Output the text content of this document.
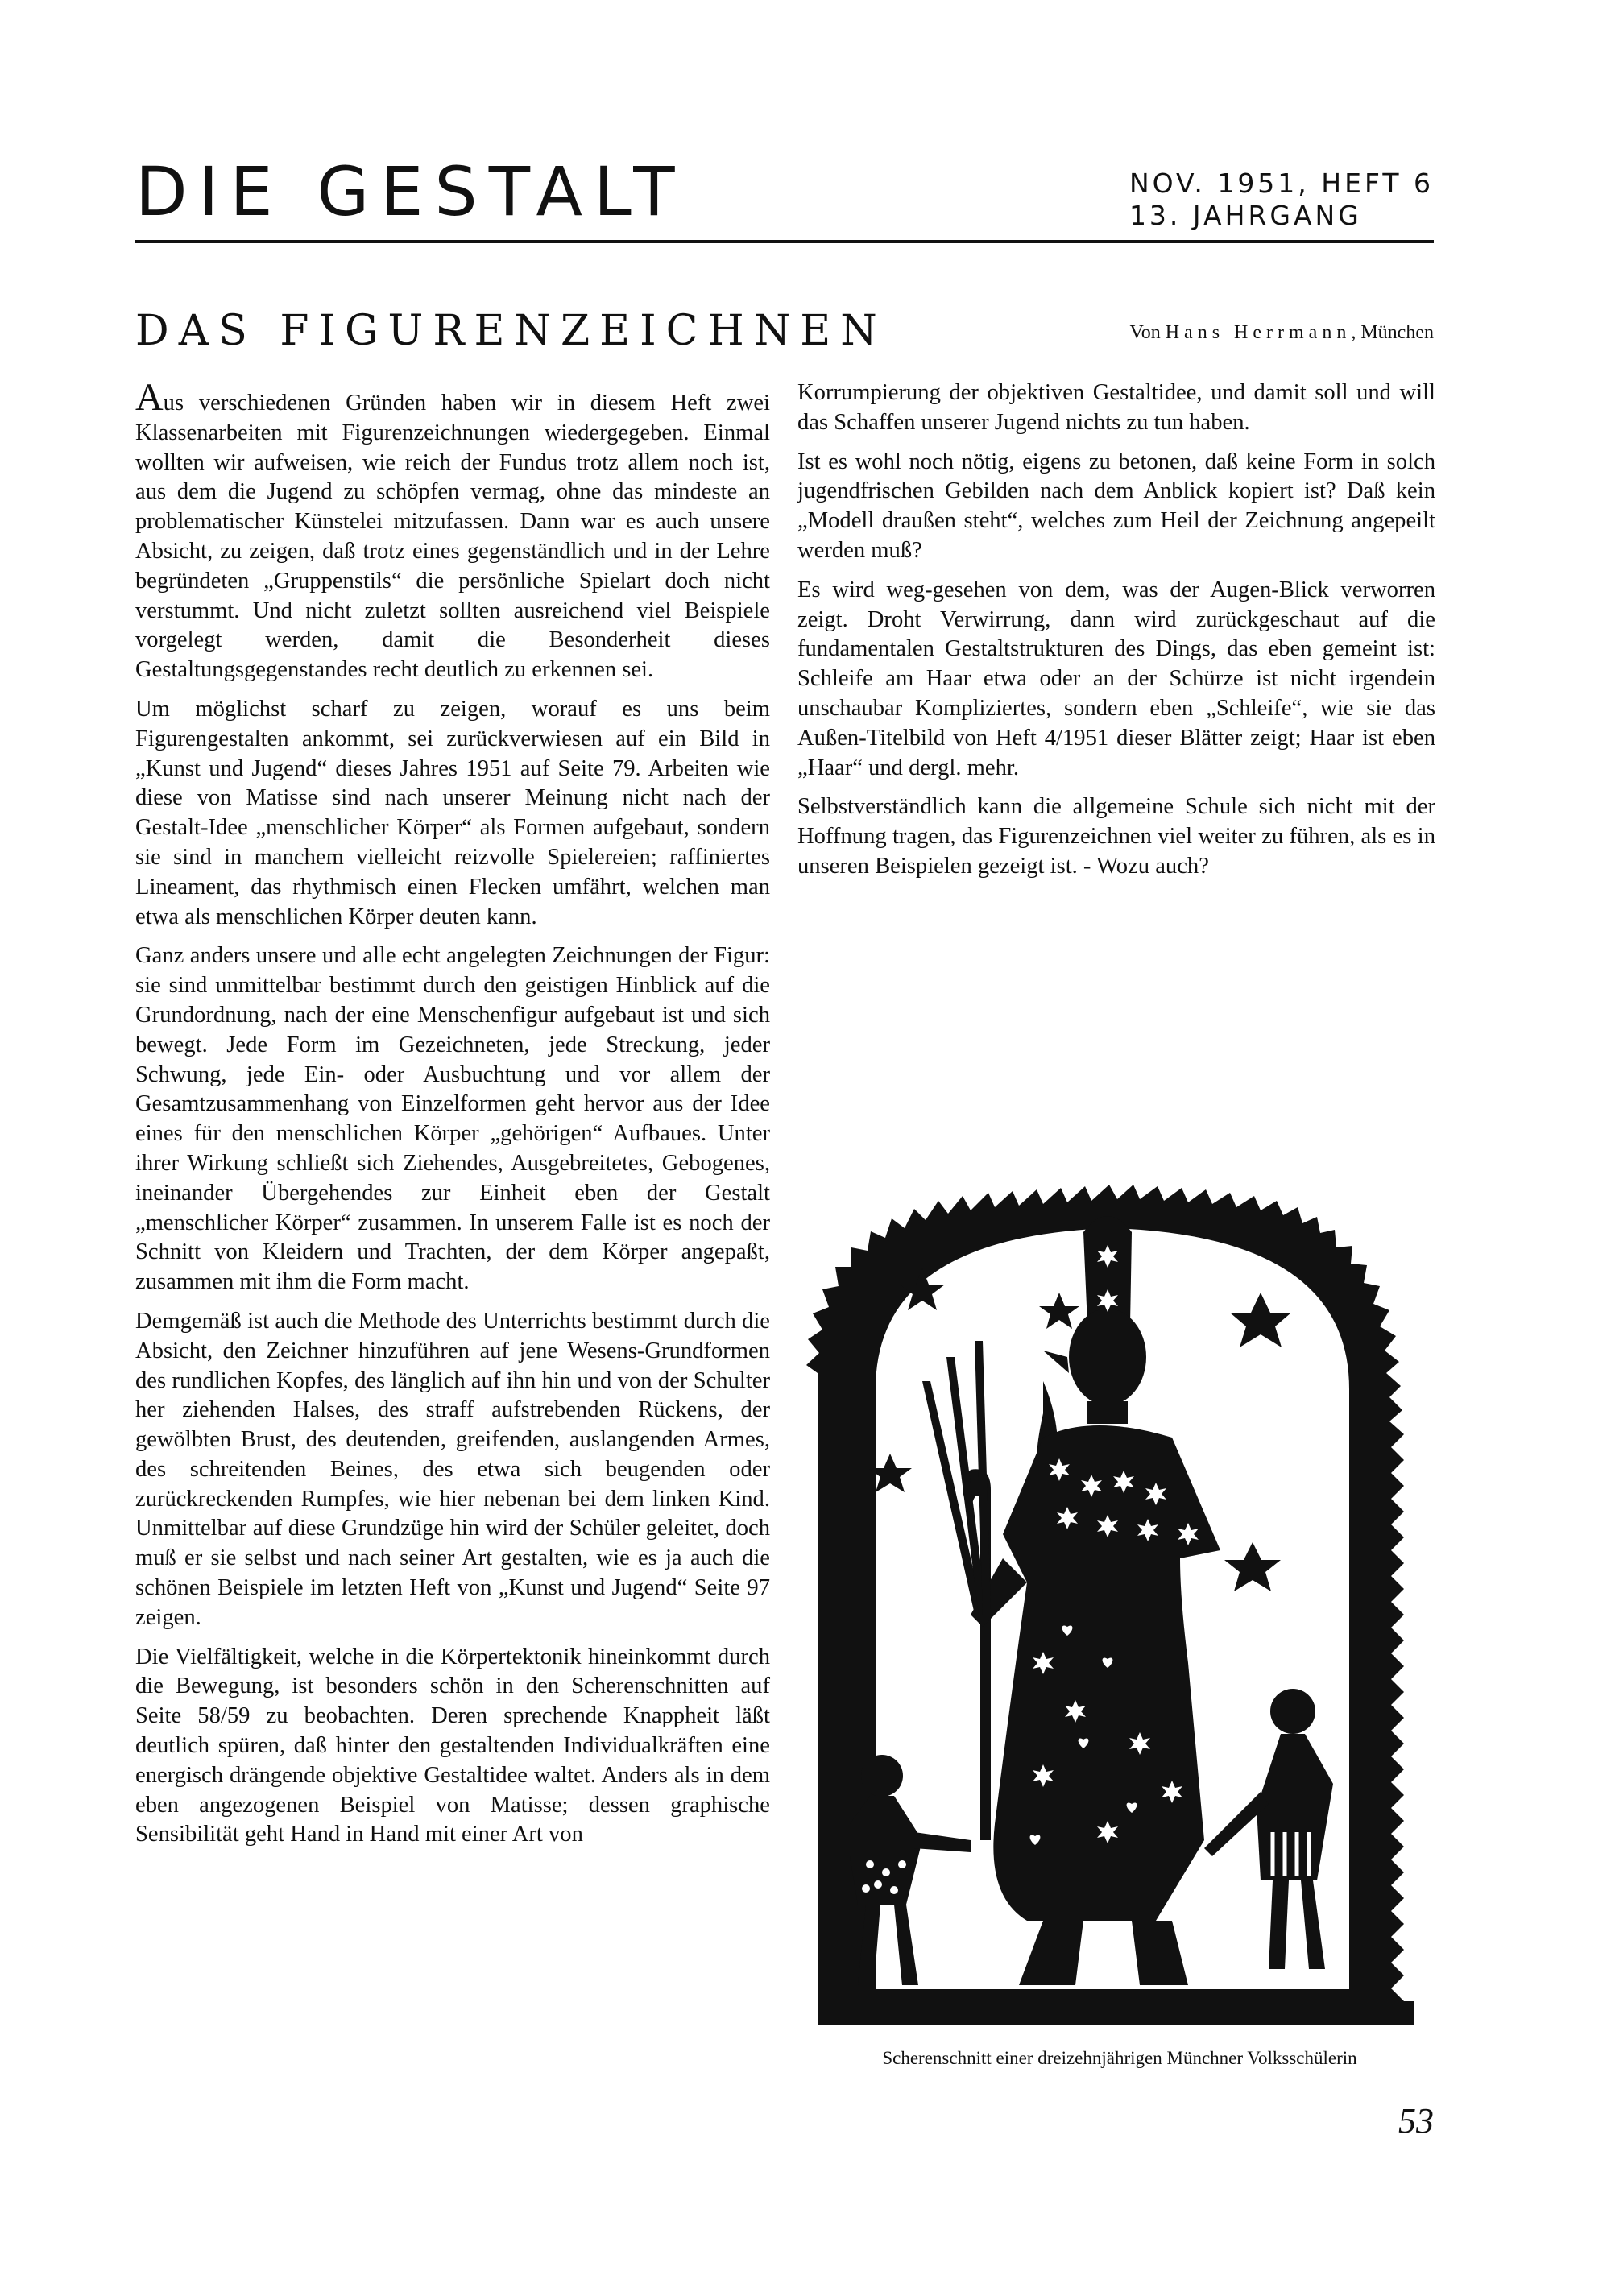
DIE GESTALT	NOV. 1951, HEFT 6
13. JAHRGANG
DAS FIGURENZEICHNEN	Von Hans Herrmann, München

Aus verschiedenen Gründen haben wir in diesem Heft zwei Klassenarbeiten mit Figurenzeichnungen wiedergegeben. Einmal wollten wir aufweisen, wie reich der Fundus trotz allem noch ist, aus dem die Jugend zu schöpfen vermag, ohne das mindeste an problematischer Künstelei mitzufassen. Dann war es auch unsere Absicht, zu zeigen, daß trotz eines gegenständlich und in der Lehre begründeten „Gruppenstils“ die persönliche Spielart doch nicht verstummt. Und nicht zuletzt sollten ausreichend viel Beispiele vorgelegt werden, damit die Besonderheit dieses Gestaltungsgegenstandes recht deutlich zu erkennen sei.

Um möglichst scharf zu zeigen, worauf es uns beim Figurengestalten ankommt, sei zurückverwiesen auf ein Bild in „Kunst und Jugend“ dieses Jahres 1951 auf Seite 79. Arbeiten wie diese von Matisse sind nach unserer Meinung nicht nach der Gestalt-Idee „menschlicher Körper“ als Formen aufgebaut, sondern sie sind in manchem vielleicht reizvolle Spielereien; raffiniertes Lineament, das rhythmisch einen Flecken umfährt, welchen man etwa als menschlichen Körper deuten kann.

Ganz anders unsere und alle echt angelegten Zeichnungen der Figur: sie sind unmittelbar bestimmt durch den geistigen Hinblick auf die Grundordnung, nach der eine Menschenfigur aufgebaut ist und sich bewegt. Jede Form im Gezeichneten, jede Streckung, jeder Schwung, jede Ein- oder Ausbuchtung und vor allem der Gesamtzusammenhang von Einzelformen geht hervor aus der Idee eines für den menschlichen Körper „gehörigen“ Aufbaues. Unter ihrer Wirkung schließt sich Ziehendes, Ausgebreitetes, Gebogenes, ineinander Übergehendes zur Einheit eben der Gestalt „menschlicher Körper“ zusammen. In unserem Falle ist es noch der Schnitt von Kleidern und Trachten, der dem Körper angepaßt, zusammen mit ihm die Form macht.

Demgemäß ist auch die Methode des Unterrichts bestimmt durch die Absicht, den Zeichner hinzuführen auf jene Wesens-Grundformen des rundlichen Kopfes, des länglich auf ihn hin und von der Schulter her ziehenden Halses, des straff aufstrebenden Rückens, der gewölbten Brust, des deutenden, greifenden, auslangenden Armes, des schreitenden Beines, des etwa sich beugenden oder zurückreckenden Rumpfes, wie hier nebenan bei dem linken Kind. Unmittelbar auf diese Grundzüge hin wird der Schüler geleitet, doch muß er sie selbst und nach seiner Art gestalten, wie es ja auch die schönen Beispiele im letzten Heft von „Kunst und Jugend“ Seite 97 zeigen.

Die Vielfältigkeit, welche in die Körpertektonik hineinkommt durch die Bewegung, ist besonders schön in den Scherenschnitten auf Seite 58/59 zu beobachten. Deren sprechende Knappheit läßt deutlich spüren, daß hinter den gestaltenden Individualkräften eine energisch drängende objektive Gestaltidee waltet. Anders als in dem eben angezogenen Beispiel von Matisse; dessen graphische Sensibilität geht Hand in Hand mit einer Art von

Korrumpierung der objektiven Gestaltidee, und damit soll und will das Schaffen unserer Jugend nichts zu tun haben.

Ist es wohl noch nötig, eigens zu betonen, daß keine Form in solch jugendfrischen Gebilden nach dem Anblick kopiert ist? Daß kein „Modell draußen steht“, welches zum Heil der Zeichnung angepeilt werden muß?

Es wird weg-gesehen von dem, was der Augen-Blick verworren zeigt. Droht Verwirrung, dann wird zurückgeschaut auf die fundamentalen Gestaltstrukturen des Dings, das eben gemeint ist: Schleife am Haar etwa oder an der Schürze ist nicht irgendein unschaubar Kompliziertes, sondern eben „Schleife“, wie sie das Außen-Titelbild von Heft 4/1951 dieser Blätter zeigt; Haar ist eben „Haar“ und dergl. mehr.

Selbstverständlich kann die allgemeine Schule sich nicht mit der Hoffnung tragen, das Figurenzeichnen viel weiter zu führen, als es in unseren Beispielen gezeigt ist. - Wozu auch?

Scherenschnitt einer dreizehnjährigen Münchner Volksschülerin
53
